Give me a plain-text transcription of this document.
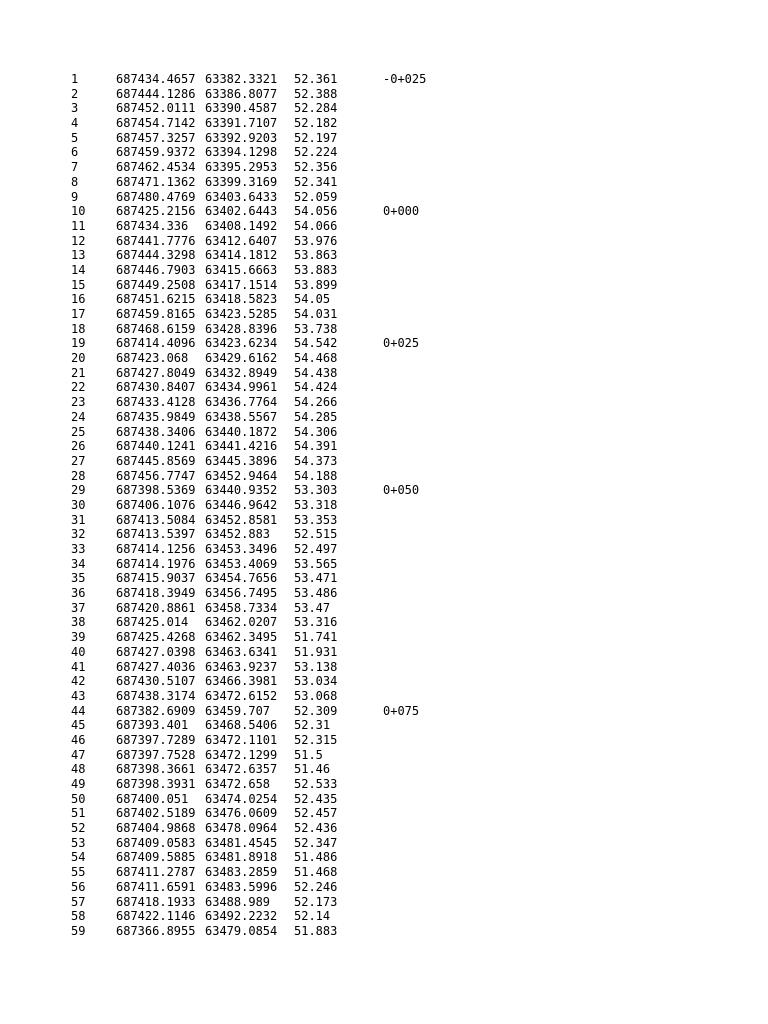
1	687434.4657 63382.3321 52.361	-0+025
2	687444.1286 63386.8077 52.388
3	687452.0111 63390.4587 52.284
4	687454.7142 63391.7107 52.182
5	687457.3257 63392.9203 52.197
6	687459.9372 63394.1298 52.224
7	687462.4534 63395.2953 52.356
8	687471.1362 63399.3169 52.341
9	687480.4769 63403.6433 52.059
10	687425.2156 63402.6443 54.056	0+000
11	687434.336 63408.1492 54.066
12	687441.7776 63412.6407 53.976
13	687444.3298 63414.1812 53.863
14	687446.7903 63415.6663 53.883
15	687449.2508 63417.1514 53.899
16	687451.6215 63418.5823 54.05
17	687459.8165 63423.5285 54.031
18	687468.6159 63428.8396 53.738
19	687414.4096 63423.6234 54.542	0+025
20	687423.068 63429.6162 54.468
21	687427.8049 63432.8949 54.438
22	687430.8407 63434.9961 54.424
23	687433.4128 63436.7764 54.266
24	687435.9849 63438.5567 54.285
25	687438.3406 63440.1872 54.306
26	687440.1241 63441.4216 54.391
27	687445.8569 63445.3896 54.373
28	687456.7747 63452.9464 54.188
29	687398.5369 63440.9352 53.303	0+050
30	687406.1076 63446.9642 53.318
31	687413.5084 63452.8581 53.353
32	687413.5397 63452.883 52.515
33	687414.1256 63453.3496 52.497
34	687414.1976 63453.4069 53.565
35	687415.9037 63454.7656 53.471
36	687418.3949 63456.7495 53.486
37	687420.8861 63458.7334 53.47
38	687425.014 63462.0207 53.316
39	687425.4268 63462.3495 51.741
40	687427.0398 63463.6341 51.931
41	687427.4036 63463.9237 53.138
42	687430.5107 63466.3981 53.034
43	687438.3174 63472.6152 53.068
44	687382.6909 63459.707 52.309	0+075
45	687393.401 63468.5406 52.31
46	687397.7289 63472.1101 52.315
47	687397.7528 63472.1299 51.5
48	687398.3661 63472.6357 51.46
49	687398.3931 63472.658 52.533
50	687400.051 63474.0254 52.435
51	687402.5189 63476.0609 52.457
52	687404.9868 63478.0964 52.436
53	687409.0583 63481.4545 52.347
54	687409.5885 63481.8918 51.486
55	687411.2787 63483.2859 51.468
56	687411.6591 63483.5996 52.246
57	687418.1933 63488.989 52.173
58	687422.1146 63492.2232 52.14
59	687366.8955 63479.0854 51.883
